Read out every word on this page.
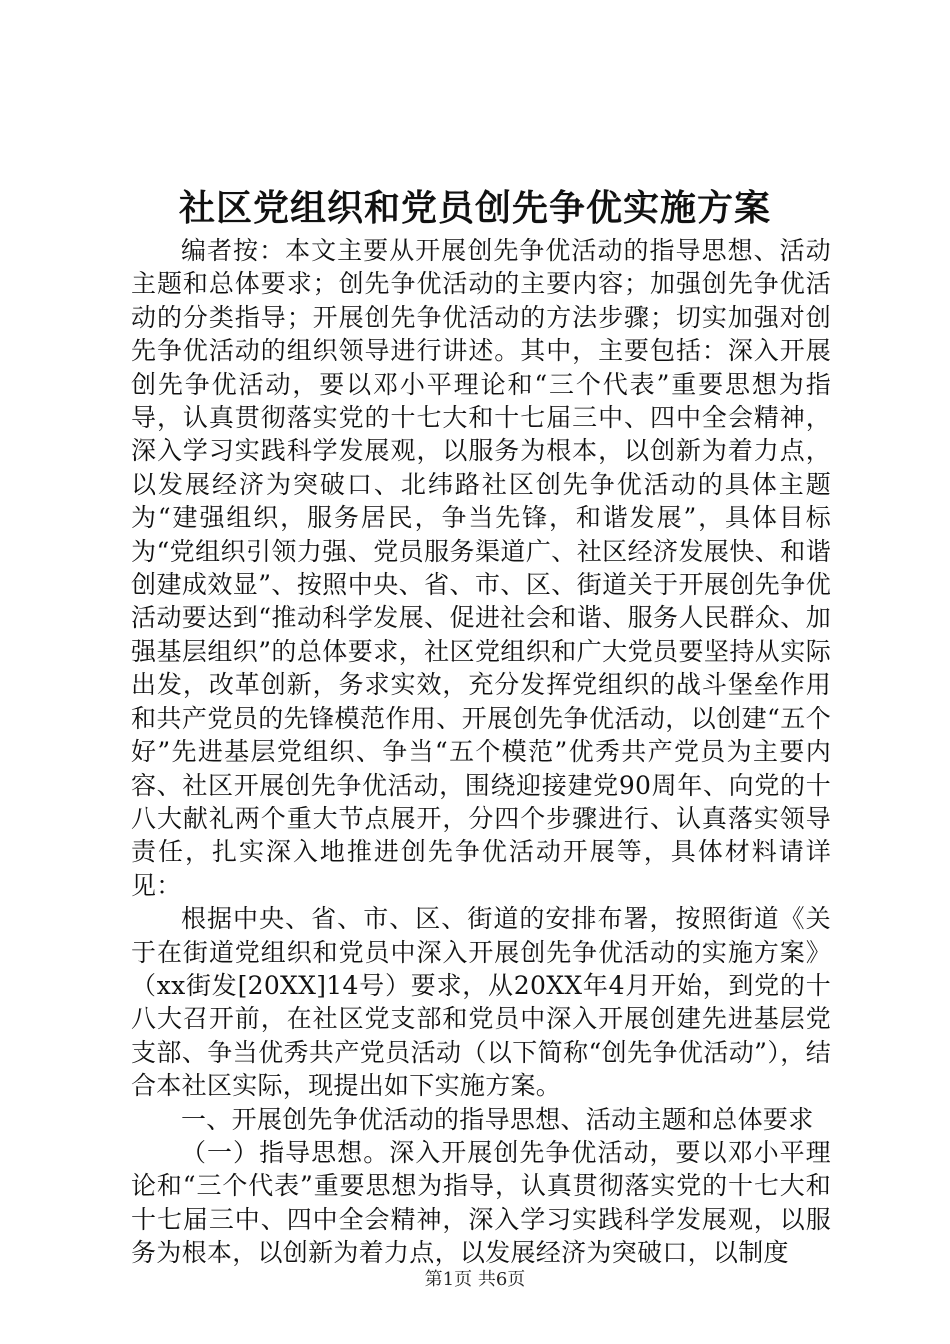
社区党组织和党员创先争优实施方案

编者按：本文主要从开展创先争优活动的指导思想、活动主题和总体要求；创先争优活动的主要内容；加强创先争优活动的分类指导；开展创先争优活动的方法步骤；切实加强对创先争优活动的组织领导进行讲述。其中，主要包括：深入开展创先争优活动，要以邓小平理论和“三个代表”重要思想为指导，认真贯彻落实党的十七大和十七届三中、四中全会精神，深入学习实践科学发展观，以服务为根本，以创新为着力点，以发展经济为突破口、北纬路社区创先争优活动的具体主题为“建强组织，服务居民，争当先锋，和谐发展”，具体目标为“党组织引领力强、党员服务渠道广、社区经济发展快、和谐创建成效显”、按照中央、省、市、区、街道关于开展创先争优活动要达到“推动科学发展、促进社会和谐、服务人民群众、加强基层组织”的总体要求，社区党组织和广大党员要坚持从实际出发，改革创新，务求实效，充分发挥党组织的战斗堡垒作用和共产党员的先锋模范作用、开展创先争优活动，以创建“五个好”先进基层党组织、争当“五个模范”优秀共产党员为主要内容、社区开展创先争优活动，围绕迎接建党90周年、向党的十八大献礼两个重大节点展开，分四个步骤进行、认真落实领导责任，扎实深入地推进创先争优活动开展等，具体材料请详见：

根据中央、省、市、区、街道的安排布署，按照街道《关于在街道党组织和党员中深入开展创先争优活动的实施方案》（xx街发[20XX]14号）要求，从20XX年4月开始，到党的十八大召开前，在社区党支部和党员中深入开展创建先进基层党支部、争当优秀共产党员活动（以下简称“创先争优活动”），结合本社区实际，现提出如下实施方案。

一、开展创先争优活动的指导思想、活动主题和总体要求

（一）指导思想。深入开展创先争优活动，要以邓小平理论和“三个代表”重要思想为指导，认真贯彻落实党的十七大和十七届三中、四中全会精神，深入学习实践科学发展观，以服务为根本，以创新为着力点，以发展经济为突破口，以制度

第1页 共6页
